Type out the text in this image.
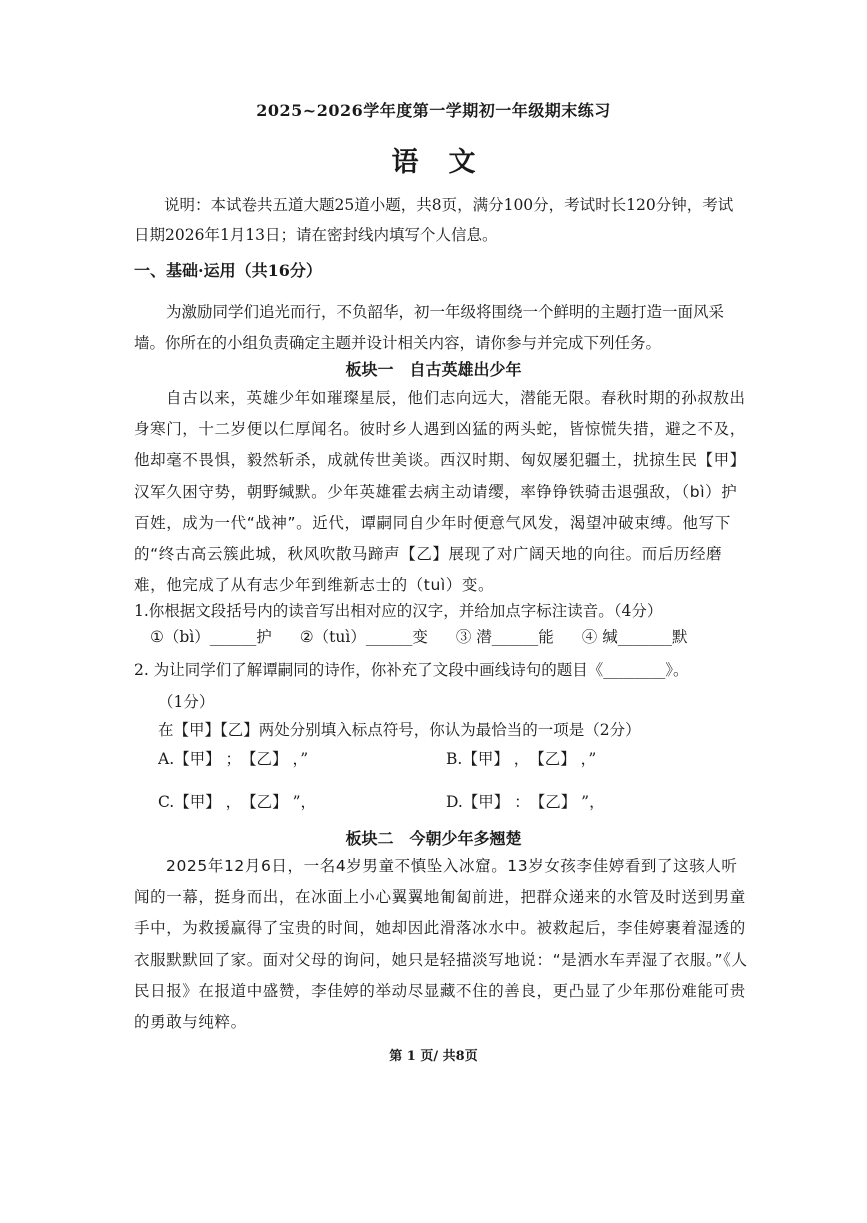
2025~2026学年度第一学期初一年级期末练习
语文
说明：本试卷共五道大题25道小题，共8页，满分100分，考试时长120分钟，考试日期2026年1月13日；请在密封线内填写个人信息。
一、基础·运用（共16分）
为激励同学们追光而行，不负韶华，初一年级将围绕一个鲜明的主题打造一面风采墙。你所在的小组负责确定主题并设计相关内容，请你参与并完成下列任务。
板块一　自古英雄出少年

自古以来，英雄少年如璀璨星辰，他们志向远大，潜能无限。春秋时期的孙叔敖出身寒门，十二岁便以仁厚闻名。彼时乡人遇到凶猛的两头蛇，皆惊慌失措，避之不及，他却毫不畏惧，毅然斩杀，成就传世美谈。西汉时期、匈奴屡犯疆土，扰掠生民【甲】汉军久困守势，朝野缄默。少年英雄霍去病主动请缨，率铮铮铁骑击退强敌，（bì）护百姓，成为一代“战神”。近代，谭嗣同自少年时便意气风发，渴望冲破束缚。他写下的“终古高云簇此城，秋风吹散马蹄声【乙】展现了对广阔天地的向往。而后历经磨难，他完成了从有志少年到维新志士的（tuì）变。

1.你根据文段括号内的读音写出相对应的汉字，并给加点字标注读音。（4分）
①（bì）______护 ②（tuì）______变 ③ 潜______能 ④ 缄_______默
2. 为让同学们了解谭嗣同的诗作，你补充了文段中画线诗句的题目《________》。
（1分）
在【甲】【乙】两处分别填入标点符号，你认为最恰当的一项是（2分）
A.【甲】 ；　【乙】 ，”	B.【甲】 ，　【乙】 ，”
C.【甲】 ，　【乙】 ”，	D.【甲】 ：　【乙】 ”，
板块二　今朝少年多翘楚

2025年12月6日，一名4岁男童不慎坠入冰窟。13岁女孩李佳婷看到了这骇人听闻的一幕，挺身而出，在冰面上小心翼翼地匍匐前进，把群众递来的水管及时送到男童手中，为救援赢得了宝贵的时间，她却因此滑落冰水中。被救起后，李佳婷裹着湿透的衣服默默回了家。面对父母的询问，她只是轻描淡写地说：“是洒水车弄湿了衣服。”《人民日报》在报道中盛赞，李佳婷的举动尽显藏不住的善良，更凸显了少年那份难能可贵的勇敢与纯粹。

第 1 页/ 共8页
